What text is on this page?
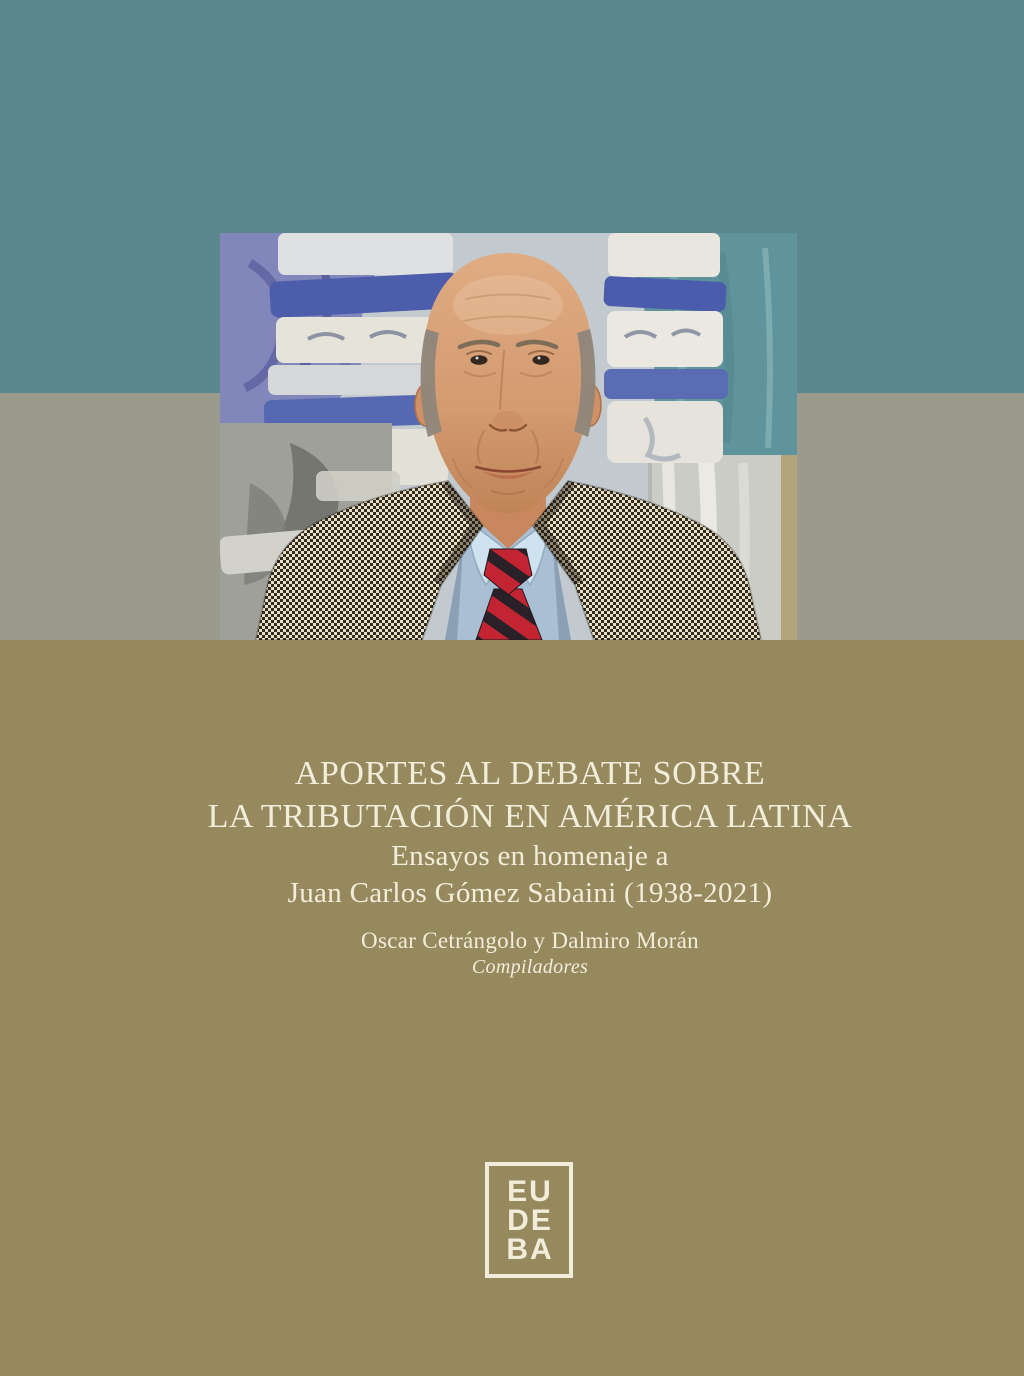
APORTES AL DEBATE SOBRE
LA TRIBUTACIÓN EN AMÉRICA LATINA
Ensayos en homenaje a
Juan Carlos Gómez Sabaini (1938-2021)
Oscar Cetrángolo y Dalmiro Morán
Compiladores
EU
DE
BA
